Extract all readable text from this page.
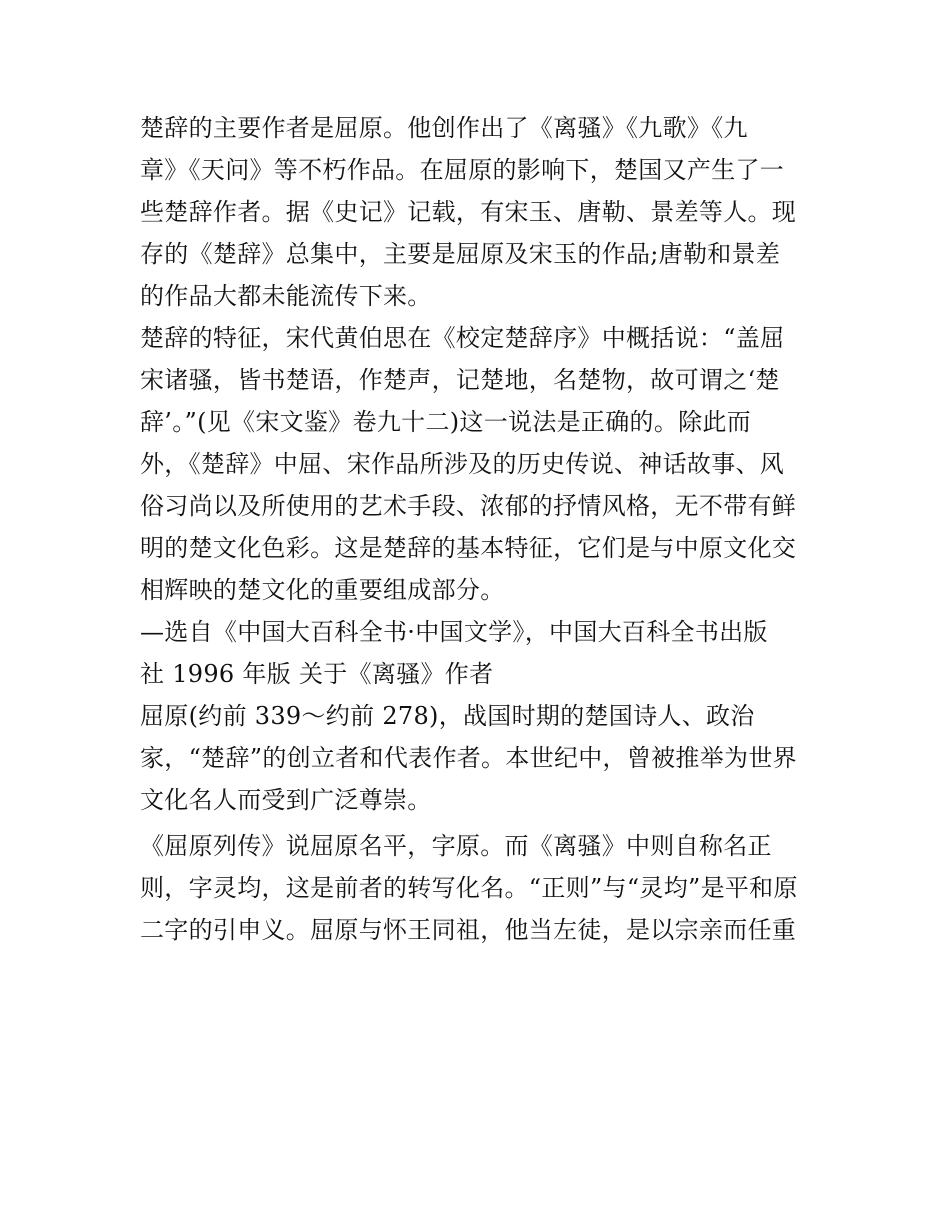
楚辞的主要作者是屈原。他创作出了《离骚》《九歌》《九
章》《天问》等不朽作品。在屈原的影响下，楚国又产生了一
些楚辞作者。据《史记》记载，有宋玉、唐勒、景差等人。现
存的《楚辞》总集中，主要是屈原及宋玉的作品;唐勒和景差
的作品大都未能流传下来。
楚辞的特征，宋代黄伯思在《校定楚辞序》中概括说：“盖屈
宋诸骚，皆书楚语，作楚声，记楚地，名楚物，故可谓之‘楚
辞’。”(见《宋文鉴》卷九十二)这一说法是正确的。除此而
外，《楚辞》中屈、宋作品所涉及的历史传说、神话故事、风
俗习尚以及所使用的艺术手段、浓郁的抒情风格，无不带有鲜
明的楚文化色彩。这是楚辞的基本特征，它们是与中原文化交
相辉映的楚文化的重要组成部分。
—选自《中国大百科全书·中国文学》，中国大百科全书出版
社 1996 年版 关于《离骚》作者
屈原(约前 339～约前 278)，战国时期的楚国诗人、政治
家，“楚辞”的创立者和代表作者。本世纪中，曾被推举为世界
文化名人而受到广泛尊崇。
《屈原列传》说屈原名平，字原。而《离骚》中则自称名正
则，字灵均，这是前者的转写化名。“正则”与“灵均”是平和原
二字的引申义。屈原与怀王同祖，他当左徒，是以宗亲而任重
